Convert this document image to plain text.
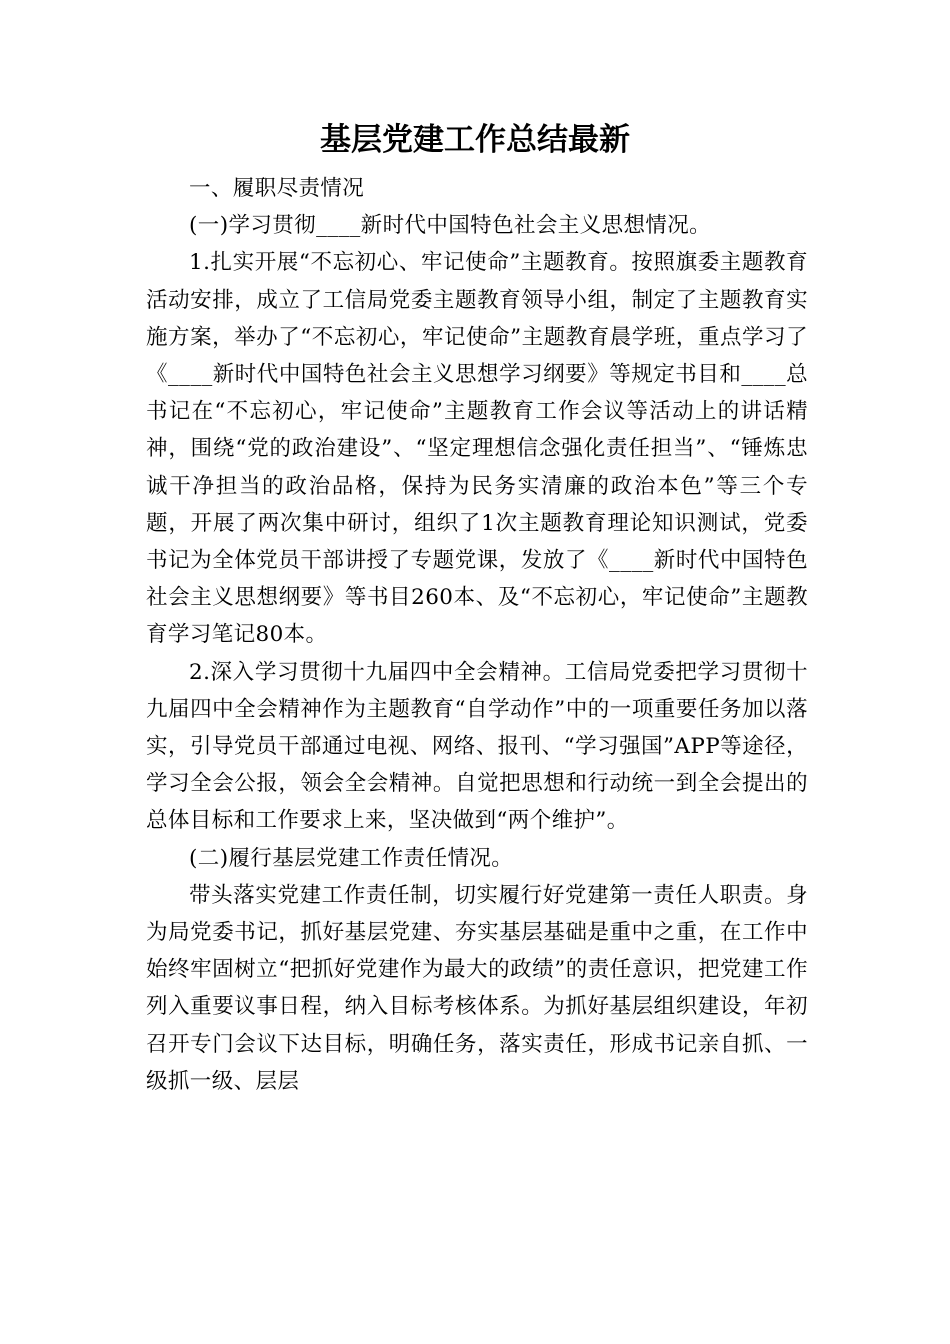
基层党建工作总结最新

一、履职尽责情况

(一)学习贯彻____新时代中国特色社会主义思想情况。

1.扎实开展“不忘初心、牢记使命”主题教育。按照旗委主题教育活动安排，成立了工信局党委主题教育领导小组，制定了主题教育实施方案，举办了“不忘初心，牢记使命”主题教育晨学班，重点学习了《____新时代中国特色社会主义思想学习纲要》等规定书目和____总书记在“不忘初心，牢记使命”主题教育工作会议等活动上的讲话精神，围绕“党的政治建设”、“坚定理想信念强化责任担当”、“锤炼忠诚干净担当的政治品格，保持为民务实清廉的政治本色”等三个专题，开展了两次集中研讨，组织了1次主题教育理论知识测试，党委书记为全体党员干部讲授了专题党课，发放了《____新时代中国特色社会主义思想纲要》等书目260本、及“不忘初心，牢记使命”主题教育学习笔记80本。

2.深入学习贯彻十九届四中全会精神。工信局党委把学习贯彻十九届四中全会精神作为主题教育“自学动作”中的一项重要任务加以落实，引导党员干部通过电视、网络、报刊、“学习强国”APP等途径，学习全会公报，领会全会精神。自觉把思想和行动统一到全会提出的总体目标和工作要求上来，坚决做到“两个维护”。

(二)履行基层党建工作责任情况。

带头落实党建工作责任制，切实履行好党建第一责任人职责。身为局党委书记，抓好基层党建、夯实基层基础是重中之重，在工作中始终牢固树立“把抓好党建作为最大的政绩”的责任意识，把党建工作列入重要议事日程，纳入目标考核体系。为抓好基层组织建设，年初召开专门会议下达目标，明确任务，落实责任，形成书记亲自抓、一级抓一级、层层
